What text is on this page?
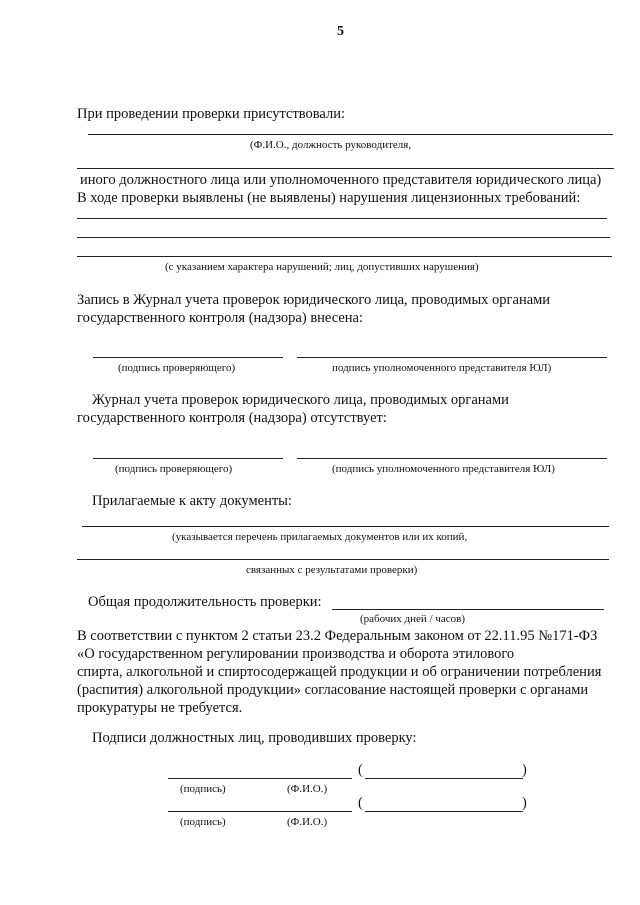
5
При проведении проверки присутствовали:
(Ф.И.О., должность руководителя,
иного должностного лица или уполномоченного представителя юридического лица)
В ходе проверки выявлены (не выявлены) нарушения лицензионных требований:
(с указанием характера нарушений; лиц, допустивших нарушения)
Запись в Журнал учета проверок юридического лица, проводимых органами
государственного контроля (надзора) внесена:
(подпись проверяющего)	подпись уполномоченного представителя ЮЛ)
Журнал учета проверок юридического лица, проводимых органами
государственного контроля (надзора) отсутствует:
(подпись проверяющего)	(подпись уполномоченного представителя ЮЛ)
Прилагаемые к акту документы:
(указывается перечень прилагаемых документов или их копий,
связанных с результатами проверки)
Общая продолжительность проверки:
(рабочих дней / часов)
В соответствии с пунктом 2 статьи 23.2 Федеральным законом от 22.11.95 №171-ФЗ
«О государственном регулировании производства и оборота этилового
спирта, алкогольной и спиртосодержащей продукции и об ограничении потребления
(распития) алкогольной продукции» согласование настоящей проверки с органами
прокуратуры не требуется.
Подписи должностных лиц, проводивших проверку:
(	)
(подпись)	(Ф.И.О.)
(	)
(подпись)	(Ф.И.О.)
